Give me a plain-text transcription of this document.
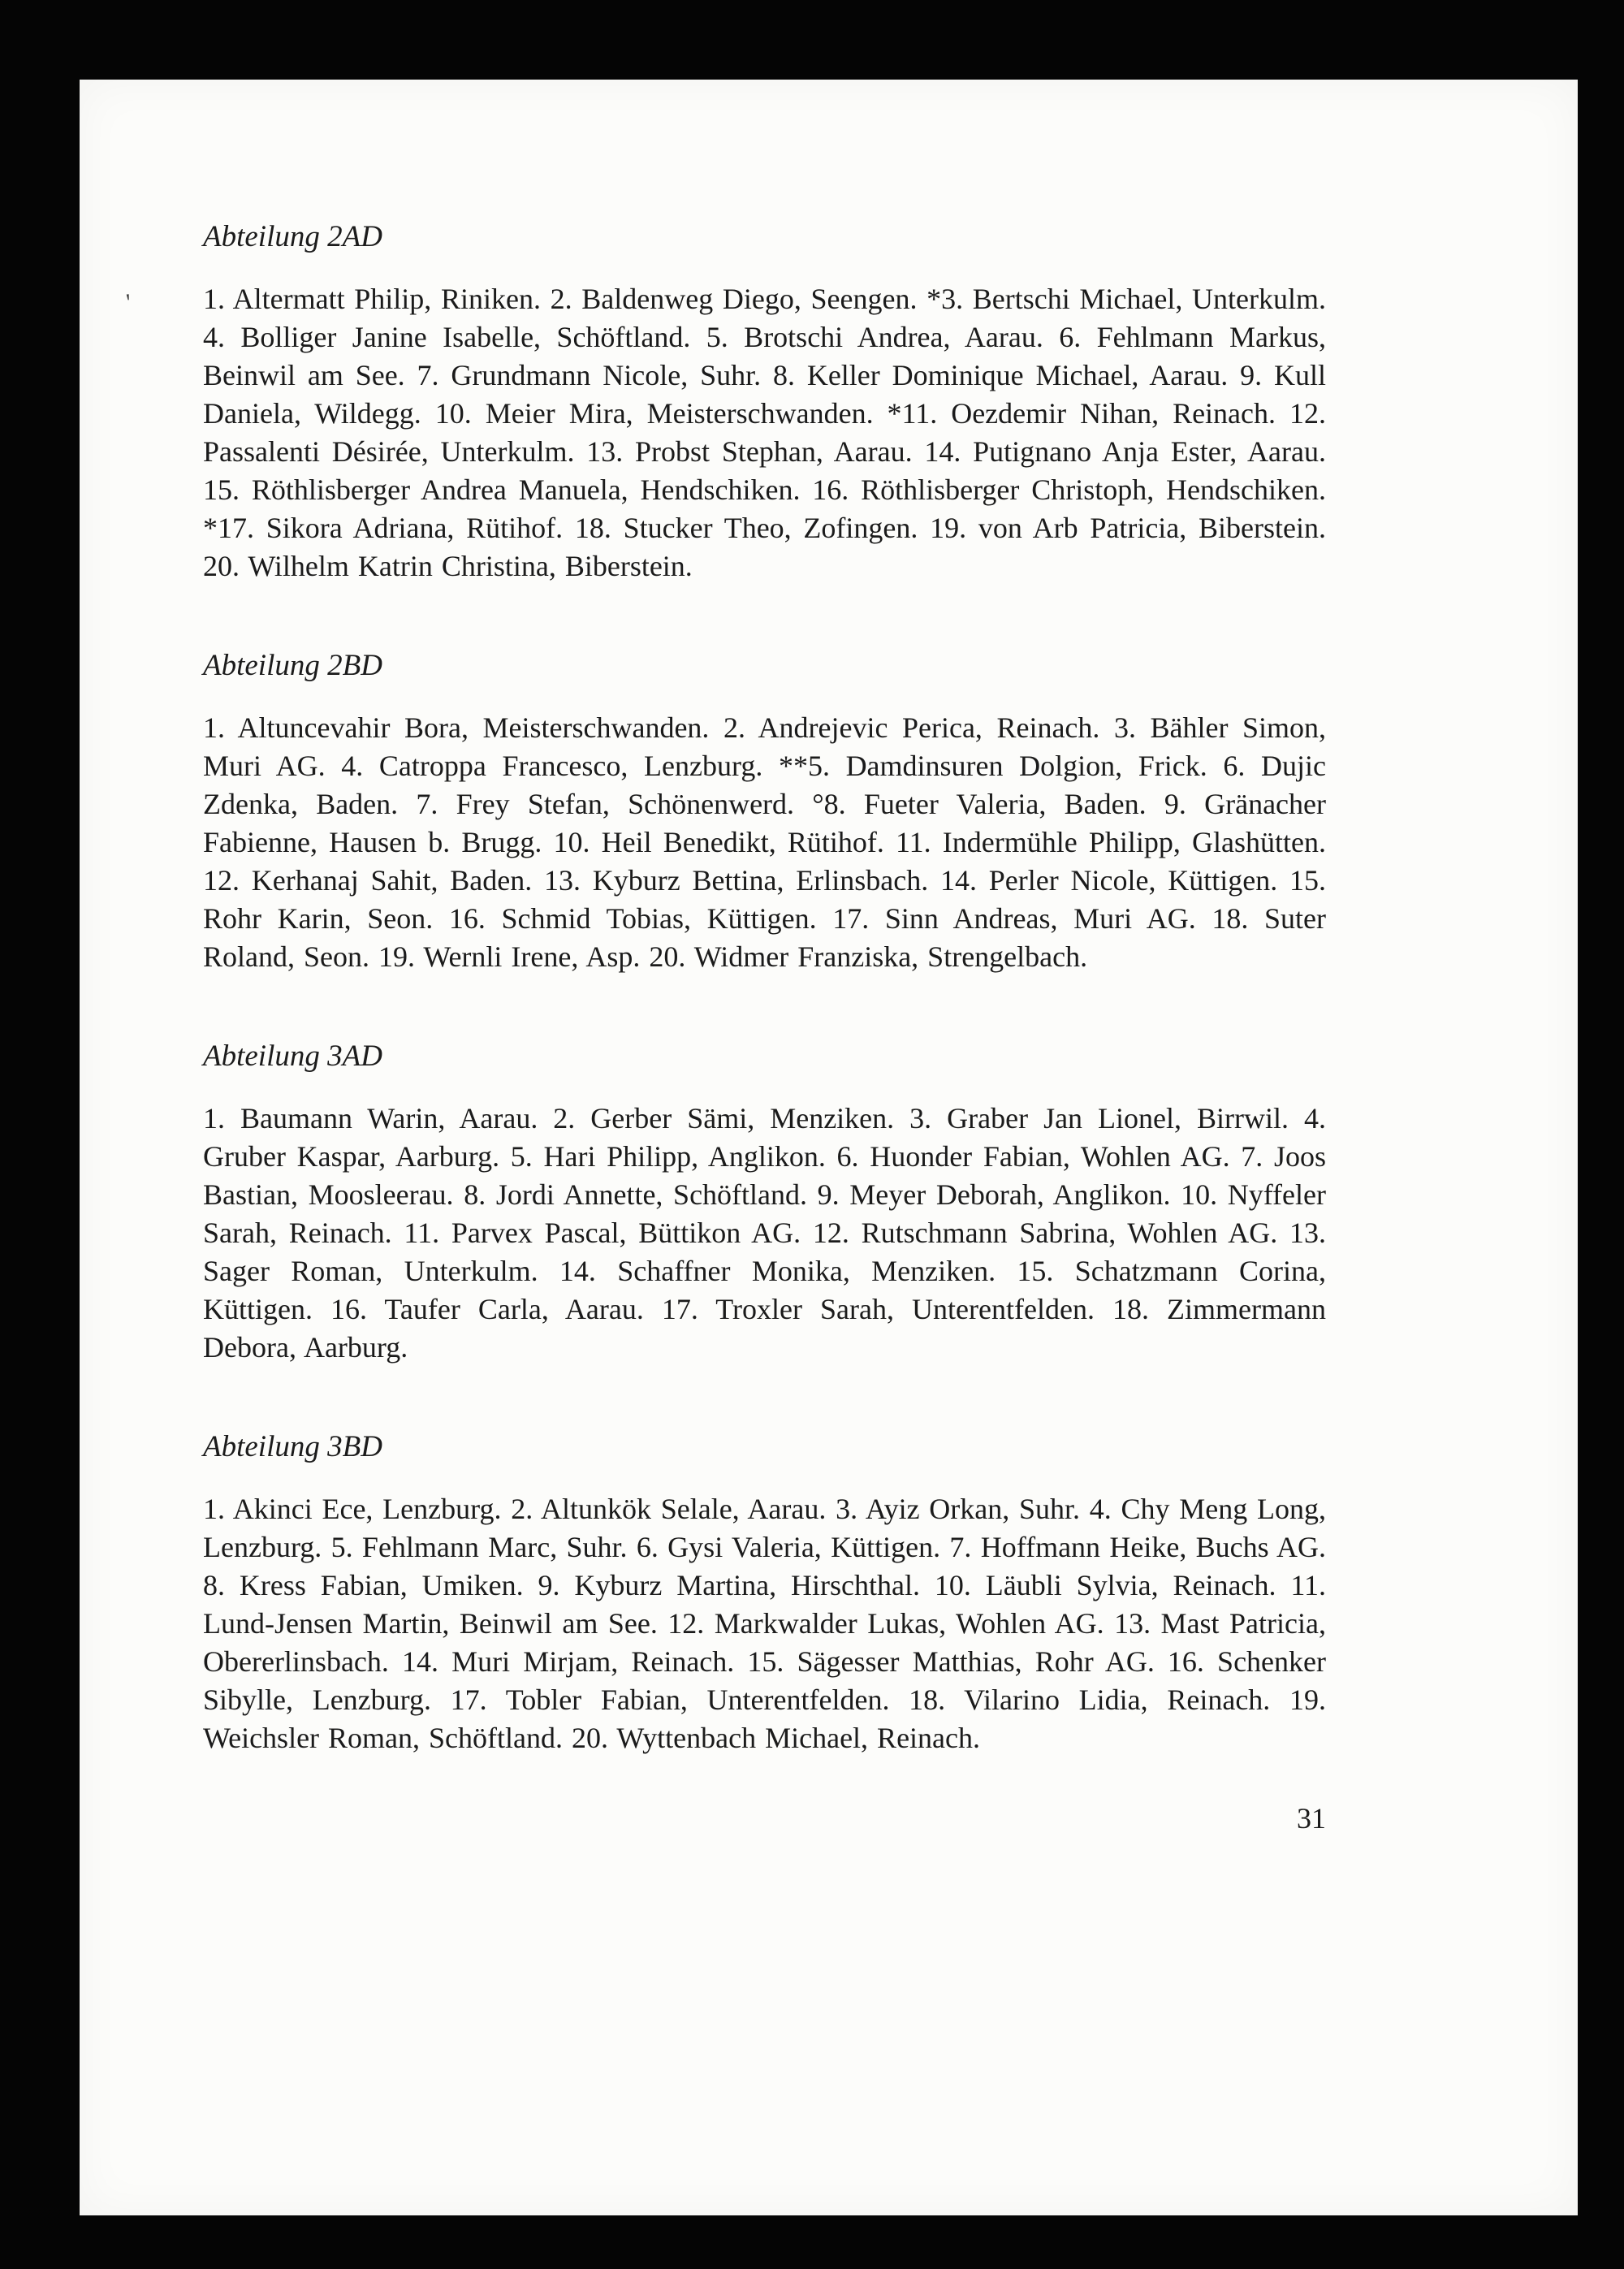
'
Abteilung 2AD

1. Altermatt Philip, Riniken. 2. Baldenweg Diego, Seengen. *3. Bertschi Michael, Unterkulm. 4. Bolliger Janine Isabelle, Schöftland. 5. Brotschi Andrea, Aarau. 6. Fehlmann Markus, Beinwil am See. 7. Grundmann Nicole, Suhr. 8. Keller Dominique Michael, Aarau. 9. Kull Daniela, Wildegg. 10. Meier Mira, Meisterschwanden. *11. Oezdemir Nihan, Reinach. 12. Passalenti Désirée, Unterkulm. 13. Probst Stephan, Aarau. 14. Putignano Anja Ester, Aarau. 15. Röthlisberger Andrea Manuela, Hendschiken. 16. Röthlisberger Christoph, Hendschiken. *17. Sikora Adriana, Rütihof. 18. Stucker Theo, Zofingen. 19. von Arb Patricia, Biberstein. 20. Wilhelm Katrin Christina, Biberstein.

Abteilung 2BD

1. Altuncevahir Bora, Meisterschwanden. 2. Andrejevic Perica, Reinach. 3. Bähler Simon, Muri AG. 4. Catroppa Francesco, Lenzburg. **5. Damdinsuren Dolgion, Frick. 6. Dujic Zdenka, Baden. 7. Frey Stefan, Schönenwerd. °8. Fueter Valeria, Baden. 9. Gränacher Fabienne, Hausen b. Brugg. 10. Heil Benedikt, Rütihof. 11. Indermühle Philipp, Glashütten. 12. Kerhanaj Sahit, Baden. 13. Kyburz Bettina, Erlinsbach. 14. Perler Nicole, Küttigen. 15. Rohr Karin, Seon. 16. Schmid Tobias, Küttigen. 17. Sinn Andreas, Muri AG. 18. Suter Roland, Seon. 19. Wernli Irene, Asp. 20. Widmer Franziska, Strengelbach.

Abteilung 3AD

1. Baumann Warin, Aarau. 2. Gerber Sämi, Menziken. 3. Graber Jan Lionel, Birrwil. 4. Gruber Kaspar, Aarburg. 5. Hari Philipp, Anglikon. 6. Huonder Fabian, Wohlen AG. 7. Joos Bastian, Moosleerau. 8. Jordi Annette, Schöftland. 9. Meyer Deborah, Anglikon. 10. Nyffeler Sarah, Reinach. 11. Parvex Pascal, Büttikon AG. 12. Rutschmann Sabrina, Wohlen AG. 13. Sager Roman, Unterkulm. 14. Schaffner Monika, Menziken. 15. Schatzmann Corina, Küttigen. 16. Taufer Carla, Aarau. 17. Troxler Sarah, Unterentfelden. 18. Zimmermann Debora, Aarburg.

Abteilung 3BD

1. Akinci Ece, Lenzburg. 2. Altunkök Selale, Aarau. 3. Ayiz Orkan, Suhr. 4. Chy Meng Long, Lenzburg. 5. Fehlmann Marc, Suhr. 6. Gysi Valeria, Küttigen. 7. Hoffmann Heike, Buchs AG. 8. Kress Fabian, Umiken. 9. Kyburz Martina, Hirschthal. 10. Läubli Sylvia, Reinach. 11. Lund-Jensen Martin, Beinwil am See. 12. Markwalder Lukas, Wohlen AG. 13. Mast Patricia, Obererlinsbach. 14. Muri Mirjam, Reinach. 15. Sägesser Matthias, Rohr AG. 16. Schenker Sibylle, Lenzburg. 17. Tobler Fabian, Unterentfelden. 18. Vilarino Lidia, Reinach. 19. Weichsler Roman, Schöftland. 20. Wyttenbach Michael, Reinach.

31
